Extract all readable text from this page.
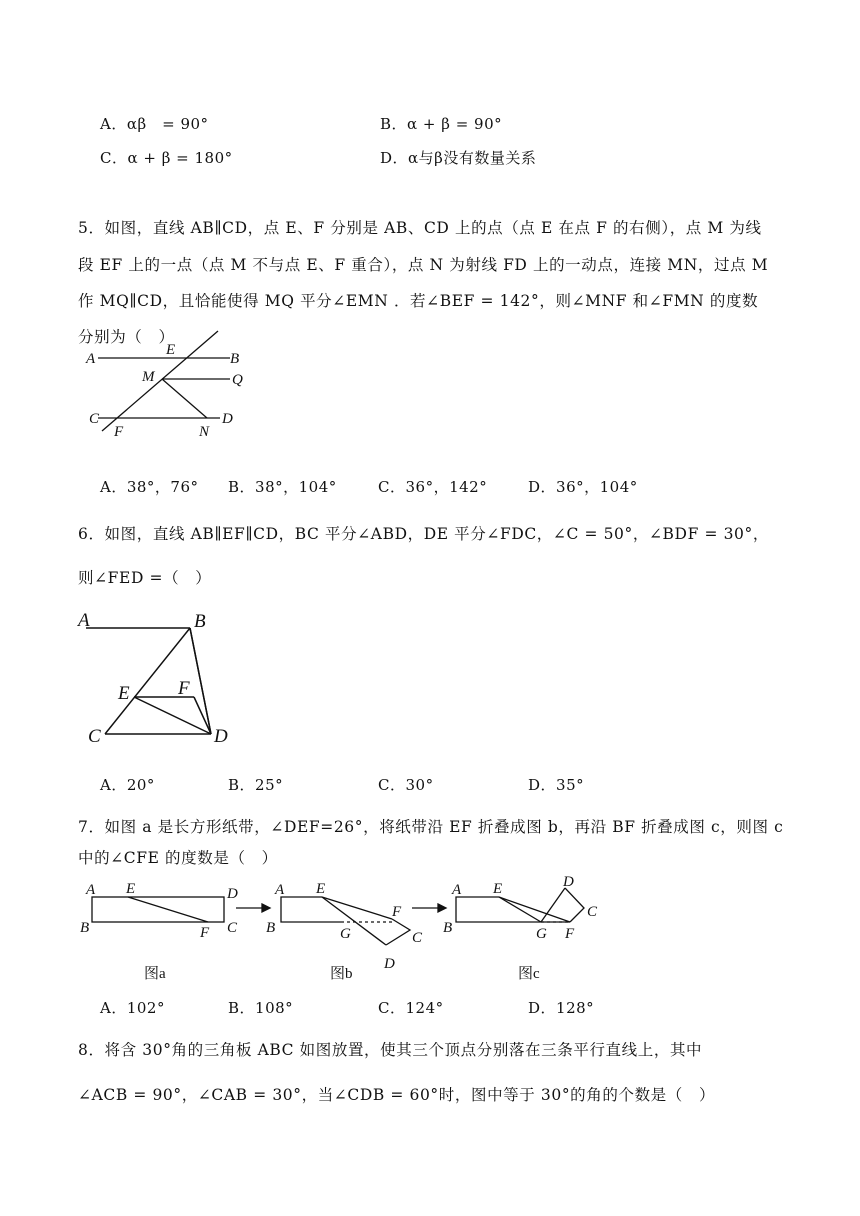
A．αβ　= 90°	B．α + β = 90°
C．α + β = 180°	D．α与β没有数量关系
5．如图，直线 AB∥CD，点 E、F 分别是 AB、CD 上的点（点 E 在点 F 的右侧），点 M 为线
段 EF 上的一点（点 M 不与点 E、F 重合），点 N 为射线 FD 上的一动点，连接 MN，过点 M
作 MQ∥CD，且恰能使得 MQ 平分∠EMN ．若∠BEF = 142°，则∠MNF 和∠FMN 的度数
分别为（　）
A
E
B
M	Q
C
F	N
D
A．38°，76° B．38°，104°	C．36°，142°	D．36°，104°
6．如图，直线 AB∥EF∥CD，BC 平分∠ABD，DE 平分∠FDC，∠C = 50°，∠BDF = 30°，
则∠FED =（　）
A	B
E	F
C	D
A．20°	B．25°	C．30°	D．35°
7．如图 a 是长方形纸带，∠DEF=26°，将纸带沿 EF 折叠成图 b，再沿 BF 折叠成图 c，则图 c
中的∠CFE 的度数是（　）
A E	D
B	F C
A E
B	G
F
C
D
A E
B	G F
D
C
图a	图b	图c
A．102°	B．108°	C．124°	D．128°
8．将含 30°角的三角板 ABC 如图放置，使其三个顶点分别落在三条平行直线上，其中
∠ACB = 90°，∠CAB = 30°，当∠CDB = 60°时，图中等于 30°的角的个数是（　）
